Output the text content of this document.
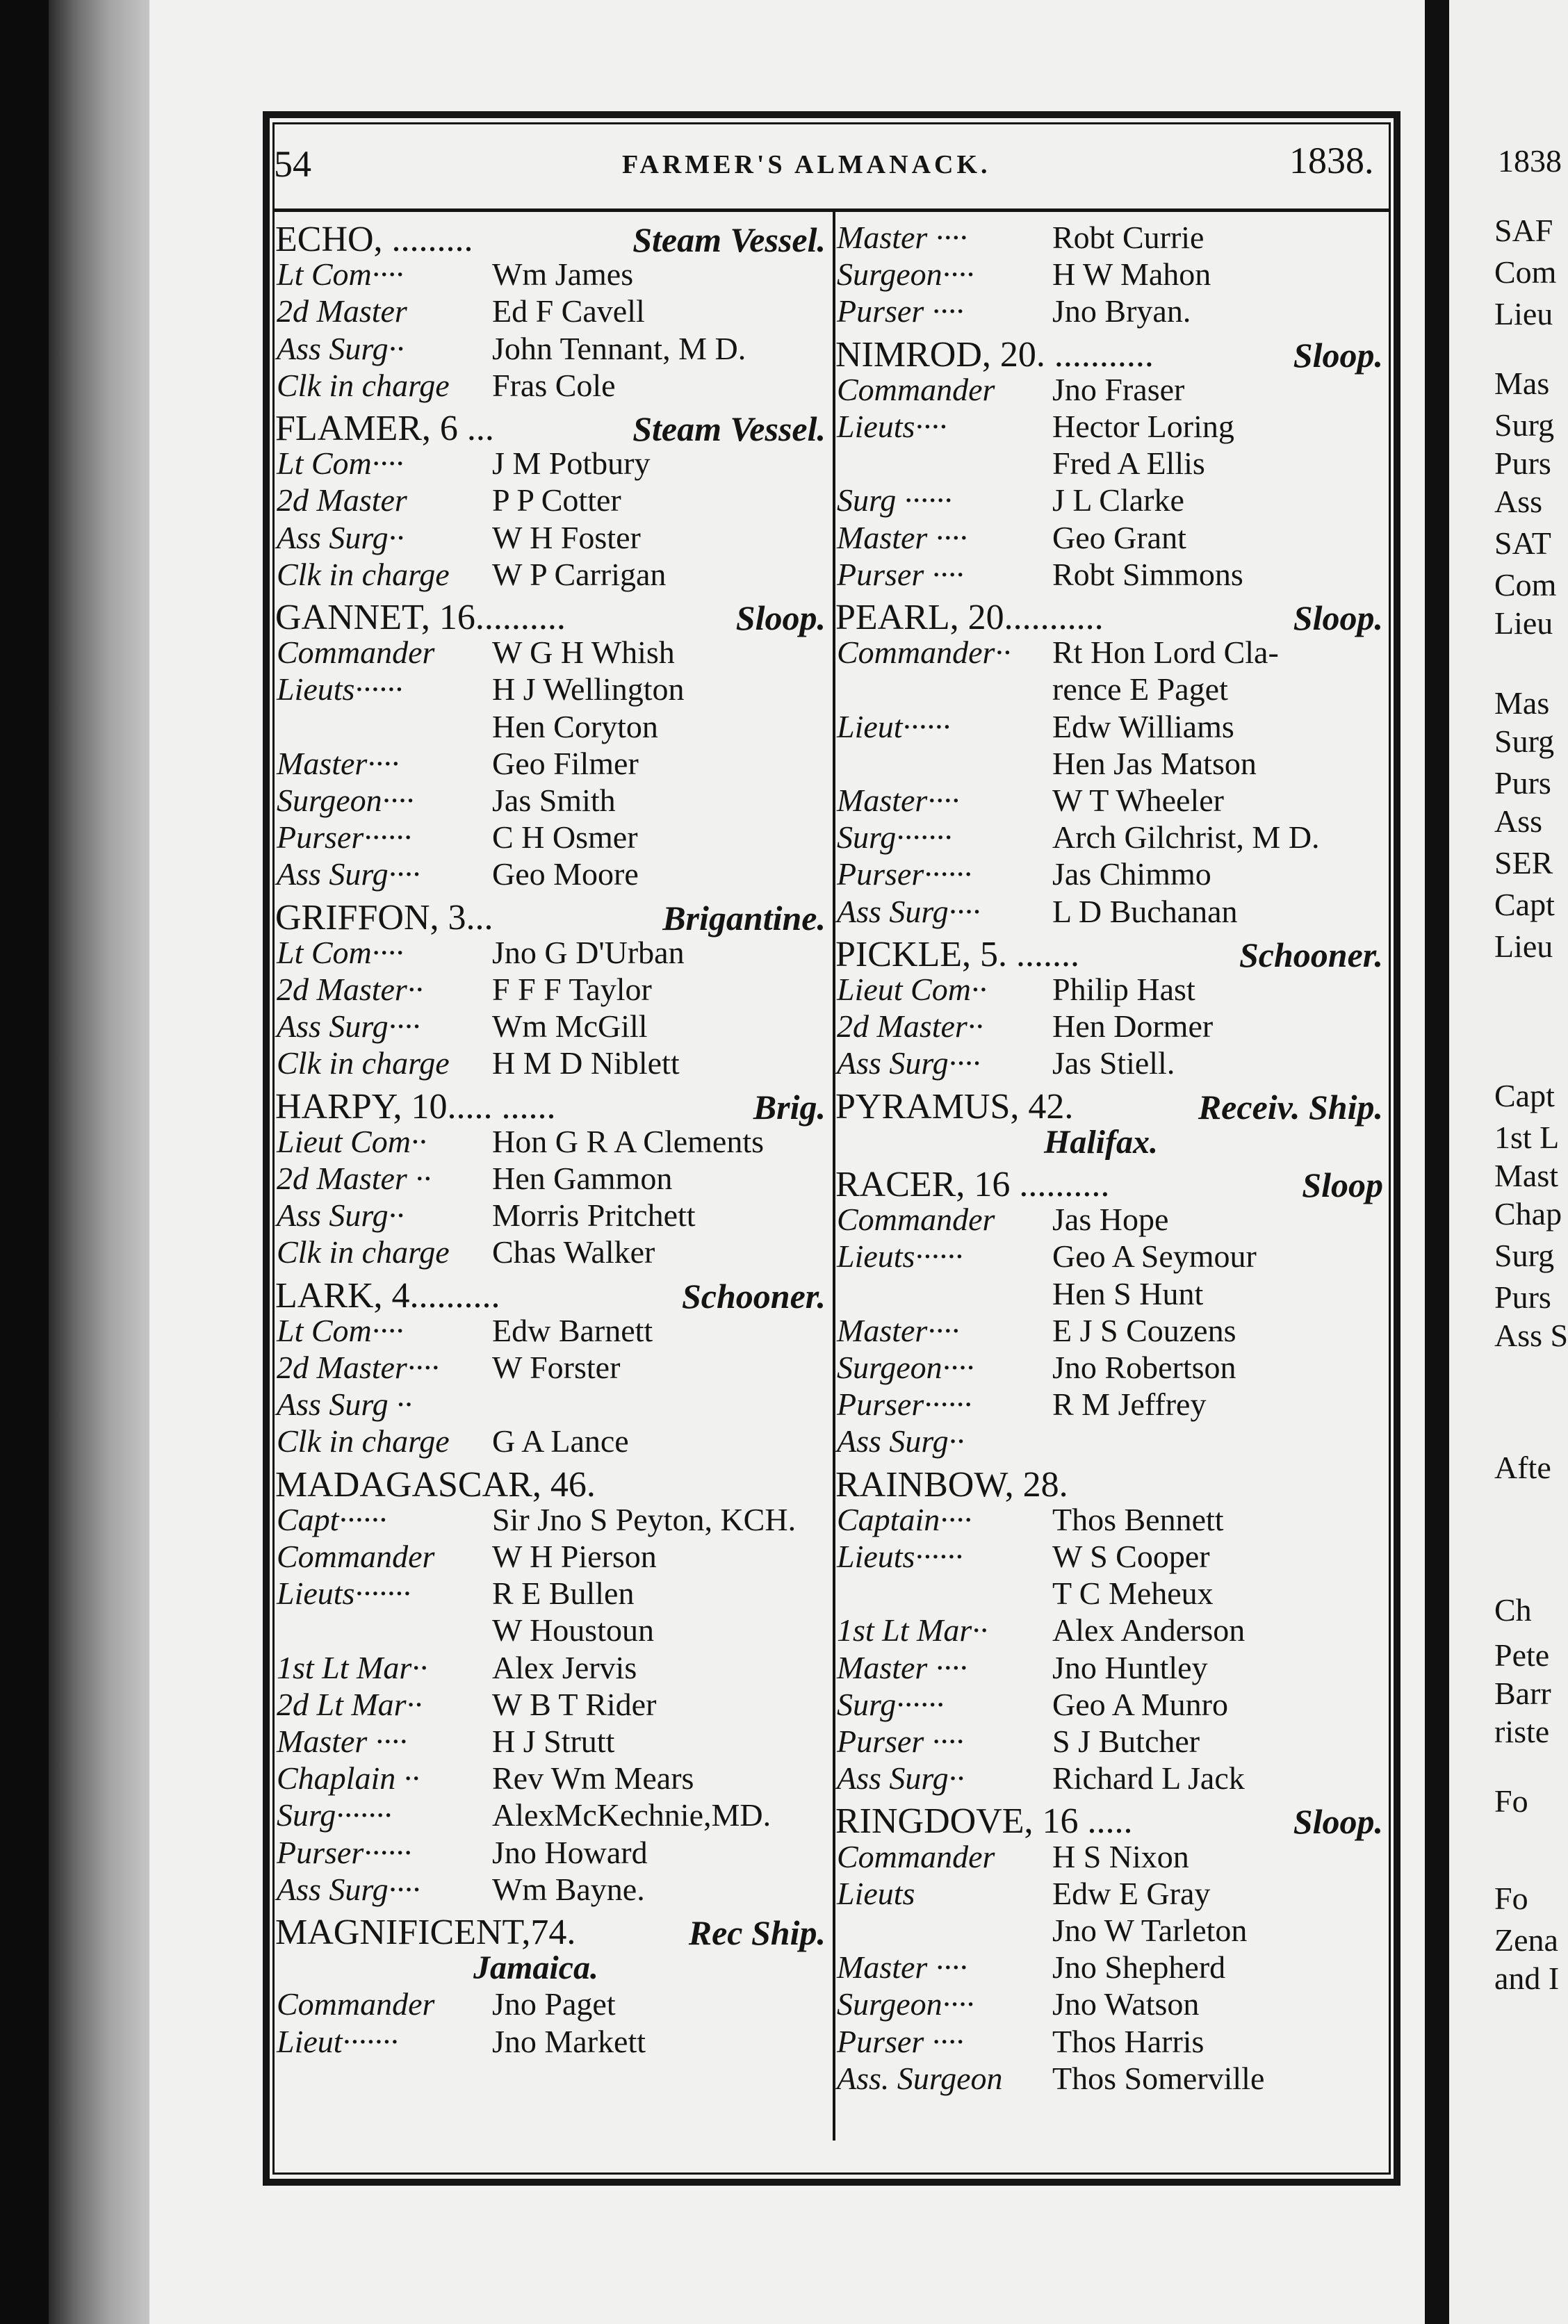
1838
SAF
Com
Lieu
Mas
Surg
Purs
Ass
SAT
Com
Lieu
Mas
Surg
Purs
Ass
SER
Capt
Lieu
Capt
1st L
Mast
Chap
Surg
Purs
Ass S
Afte
Ch
Pete
Barr
riste
Fo
Fo
Zena
and I
54	FARMER'S ALMANACK.	1838.
ECHO, .........	Steam Vessel.
Lt Com····	Wm James
2d Master	Ed F Cavell
Ass Surg··	John Tennant, M D.
Clk in charge Fras Cole
FLAMER, 6 ...	Steam Vessel.
Lt Com····	J M Potbury
2d Master	P P Cotter
Ass Surg··	W H Foster
Clk in charge W P Carrigan
GANNET, 16..........	Sloop.
Commander W G H Whish
Lieuts······	H J Wellington
Hen Coryton
Master····	Geo Filmer
Surgeon···· Jas Smith
Purser······	C H Osmer
Ass Surg···· Geo Moore
GRIFFON, 3...	Brigantine.
Lt Com····	Jno G D'Urban
2d Master·· F F F Taylor
Ass Surg···· Wm McGill
Clk in charge H M D Niblett
HARPY, 10..... ......	Brig.
Lieut Com·· Hon G R A Clements
2d Master ·· Hen Gammon
Ass Surg··	Morris Pritchett
Clk in charge Chas Walker
LARK, 4..........	Schooner.
Lt Com····	Edw Barnett
2d Master···· W Forster
Ass Surg ··
Clk in charge G A Lance
MADAGASCAR, 46.
Capt······	Sir Jno S Peyton, KCH.
Commander W H Pierson
Lieuts·······	R E Bullen
W Houstoun
1st Lt Mar·· Alex Jervis
2d Lt Mar·· W B T Rider
Master ····	H J Strutt
Chaplain ·· Rev Wm Mears
Surg·······	AlexMcKechnie,MD.
Purser······	Jno Howard
Ass Surg···· Wm Bayne.
MAGNIFICENT,74.	Rec Ship.
Jamaica.
Commander Jno Paget
Lieut·······	Jno Markett
Master ····	Robt Currie
Surgeon···· H W Mahon
Purser ····	Jno Bryan.
NIMROD, 20. ...........	Sloop.
Commander Jno Fraser
Lieuts····	Hector Loring
Fred A Ellis
Surg ······	J L Clarke
Master ····	Geo Grant
Purser ····	Robt Simmons
PEARL, 20...........	Sloop.
Commander·· Rt Hon Lord Cla-
rence E Paget
Lieut······	Edw Williams
Hen Jas Matson
Master····	W T Wheeler
Surg·······	Arch Gilchrist, M D.
Purser······	Jas Chimmo
Ass Surg···· L D Buchanan
PICKLE, 5. .......	Schooner.
Lieut Com·· Philip Hast
2d Master·· Hen Dormer
Ass Surg···· Jas Stiell.
PYRAMUS, 42.	Receiv. Ship.
Halifax.
RACER, 16 ..........	Sloop
Commander Jas Hope
Lieuts······	Geo A Seymour
Hen S Hunt
Master····	E J S Couzens
Surgeon···· Jno Robertson
Purser······	R M Jeffrey
Ass Surg··
RAINBOW, 28.
Captain····	Thos Bennett
Lieuts······	W S Cooper
T C Meheux
1st Lt Mar·· Alex Anderson
Master ····	Jno Huntley
Surg······	Geo A Munro
Purser ····	S J Butcher
Ass Surg··	Richard L Jack
RINGDOVE, 16 .....	Sloop.
Commander H S Nixon
Lieuts	Edw E Gray
Jno W Tarleton
Master ····	Jno Shepherd
Surgeon···· Jno Watson
Purser ····	Thos Harris
Ass. Surgeon Thos Somerville
